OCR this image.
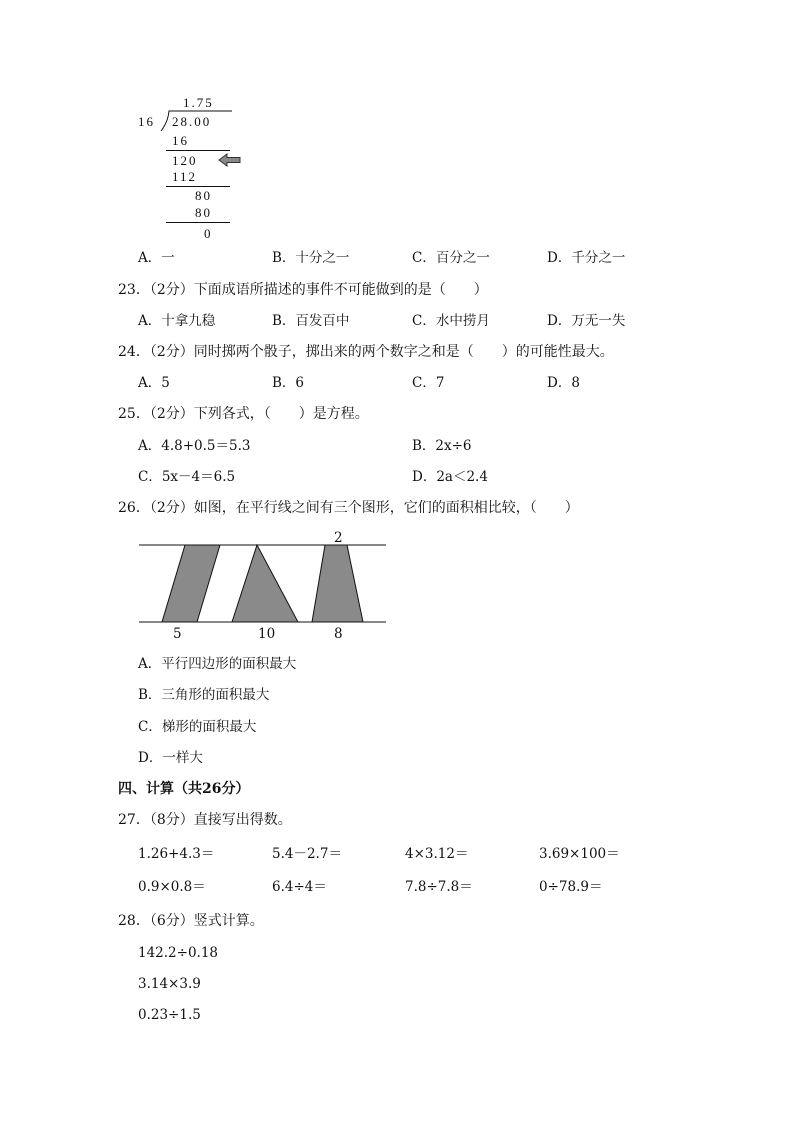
1.75
16 28.00
16
120
112
80
80
0
A．一	B．十分之一	C．百分之一	D．千分之一
23．（2分）下面成语所描述的事件不可能做到的是（　　）
A．十拿九稳	B．百发百中	C．水中捞月	D．万无一失
24．（2分）同时掷两个骰子，掷出来的两个数字之和是（　　）的可能性最大。
A．5	B．6	C．7	D．8
25．（2分）下列各式，（　　）是方程。
A．4.8+0.5＝5.3	B．2x÷6
C．5x－4＝6.5	D．2a＜2.4
26．（2分）如图，在平行线之间有三个图形，它们的面积相比较，（　　）
2
5	10	8
A．平行四边形的面积最大
B．三角形的面积最大
C．梯形的面积最大
D．一样大
四、计算（共26分）
27．（8分）直接写出得数。
1.26+4.3＝	5.4－2.7＝	4×3.12＝	3.69×100＝
0.9×0.8＝	6.4÷4＝	7.8÷7.8＝	0÷78.9＝
28．（6分）竖式计算。
142.2÷0.18
3.14×3.9
0.23÷1.5
